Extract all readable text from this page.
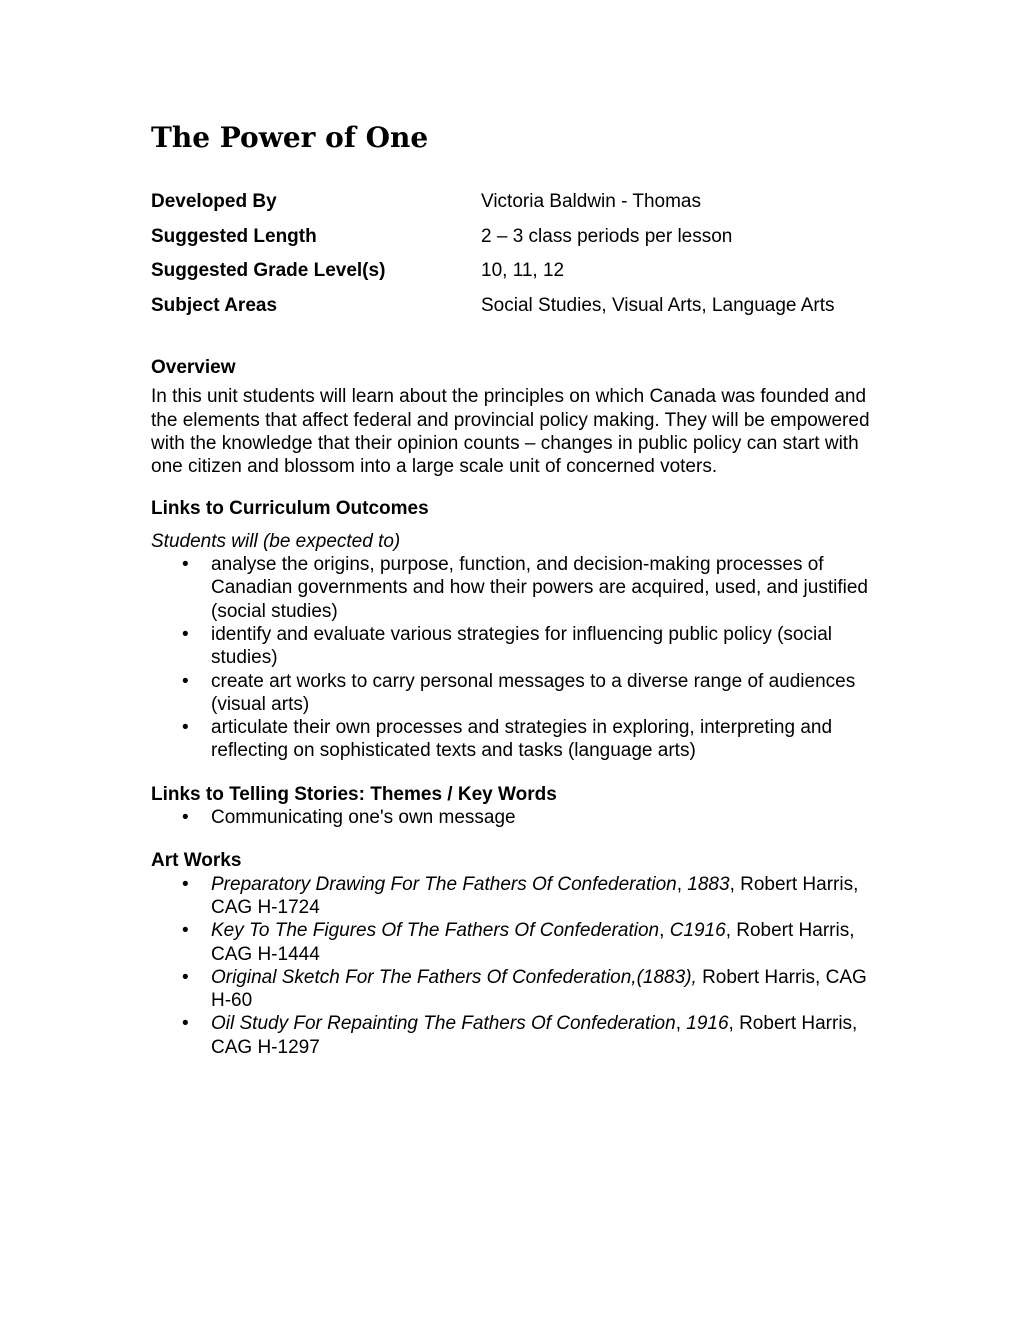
The Power of One
Developed By	Victoria Baldwin - Thomas
Suggested Length	2 – 3 class periods per lesson
Suggested Grade Level(s)	10, 11, 12
Subject Areas	Social Studies, Visual Arts, Language Arts

Overview

In this unit students will learn about the principles on which Canada was founded and the elements that affect federal and provincial policy making. They will be empowered with the knowledge that their opinion counts – changes in public policy can start with one citizen and blossom into a large scale unit of concerned voters.

Links to Curriculum Outcomes

Students will (be expected to)

• analyse the origins, purpose, function, and decision-making processes of Canadian governments and how their powers are acquired, used, and justified (social studies)
• identify and evaluate various strategies for influencing public policy (social studies)
• create art works to carry personal messages to a diverse range of audiences (visual arts)
• articulate their own processes and strategies in exploring, interpreting and reflecting on sophisticated texts and tasks (language arts)

Links to Telling Stories: Themes / Key Words

• Communicating one's own message

Art Works

• Preparatory Drawing For The Fathers Of Confederation, 1883, Robert Harris, CAG H-1724
• Key To The Figures Of The Fathers Of Confederation, C1916, Robert Harris, CAG H-1444
• Original Sketch For The Fathers Of Confederation,(1883), Robert Harris, CAG H-60
• Oil Study For Repainting The Fathers Of Confederation, 1916, Robert Harris, CAG H-1297
